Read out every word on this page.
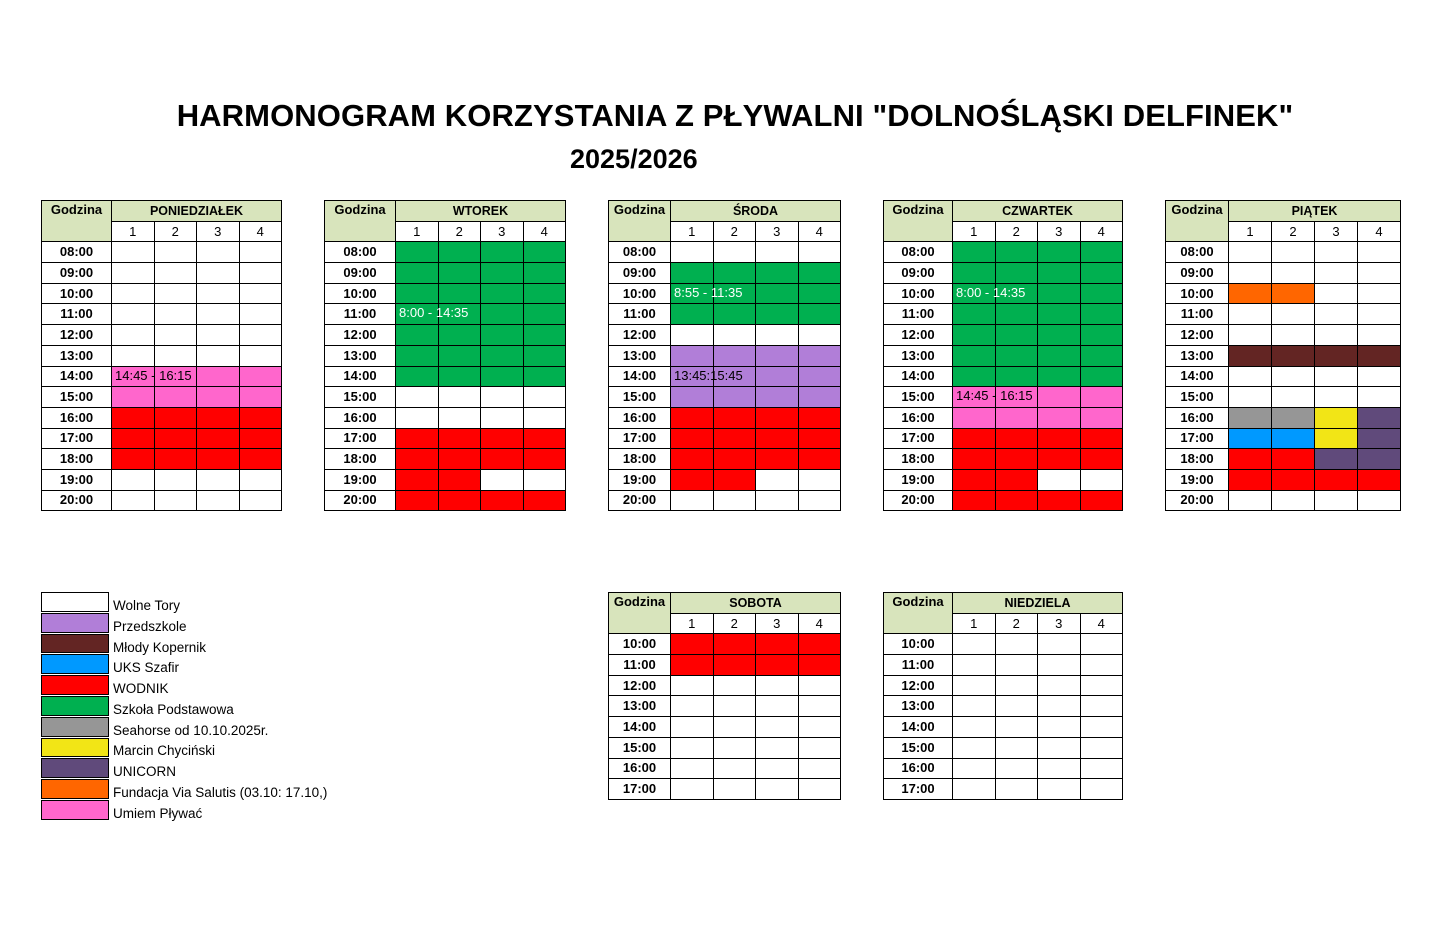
HARMONOGRAM KORZYSTANIA Z PŁYWALNI "DOLNOŚLĄSKI DELFINEK"
2025/2026
Godzina	PONIEDZIAŁEK			
	1	2	3	4
08:00				
09:00				
10:00				
11:00				
12:00				
13:00				
14:00	14:45 - 16:15			

15:00				
16:00				
17:00				
18:00				
19:00				
20:00				
Godzina	WTOREK			
	1	2	3	4
08:00				
09:00				
10:00				
11:00	8:00 - 14:35			

12:00				
13:00				
14:00				
15:00				
16:00				
17:00				
18:00				
19:00				
20:00				
Godzina	ŚRODA			
	1	2	3	4
08:00				
09:00				
10:00	8:55 - 11:35			

11:00				
12:00				
13:00				
14:00	13:45:15:45			

15:00				
16:00				
17:00				
18:00				
19:00				
20:00				
Godzina	CZWARTEK			
	1	2	3	4
08:00				
09:00				
10:00	8:00 - 14:35			

11:00				
12:00				
13:00				
14:00				
15:00	14:45 - 16:15			

16:00				
17:00				
18:00				
19:00				
20:00				
Godzina	PIĄTEK			
	1	2	3	4
08:00				
09:00				
10:00				
11:00				
12:00				
13:00				
14:00				
15:00				
16:00				
17:00				
18:00				
19:00				
20:00				
Godzina	SOBOTA			
	1	2	3	4
10:00				
11:00				
12:00				
13:00				
14:00				
15:00				
16:00				
17:00				
Godzina	NIEDZIELA			
	1	2	3	4
10:00				
11:00				
12:00				
13:00				
14:00				
15:00				
16:00				
17:00				
Wolne Tory
Przedszkole
Młody Kopernik
UKS Szafir
WODNIK
Szkoła Podstawowa
Seahorse od 10.10.2025r.
Marcin Chyciński
UNICORN
Fundacja Via Salutis (03.10: 17.10,)
Umiem Pływać
